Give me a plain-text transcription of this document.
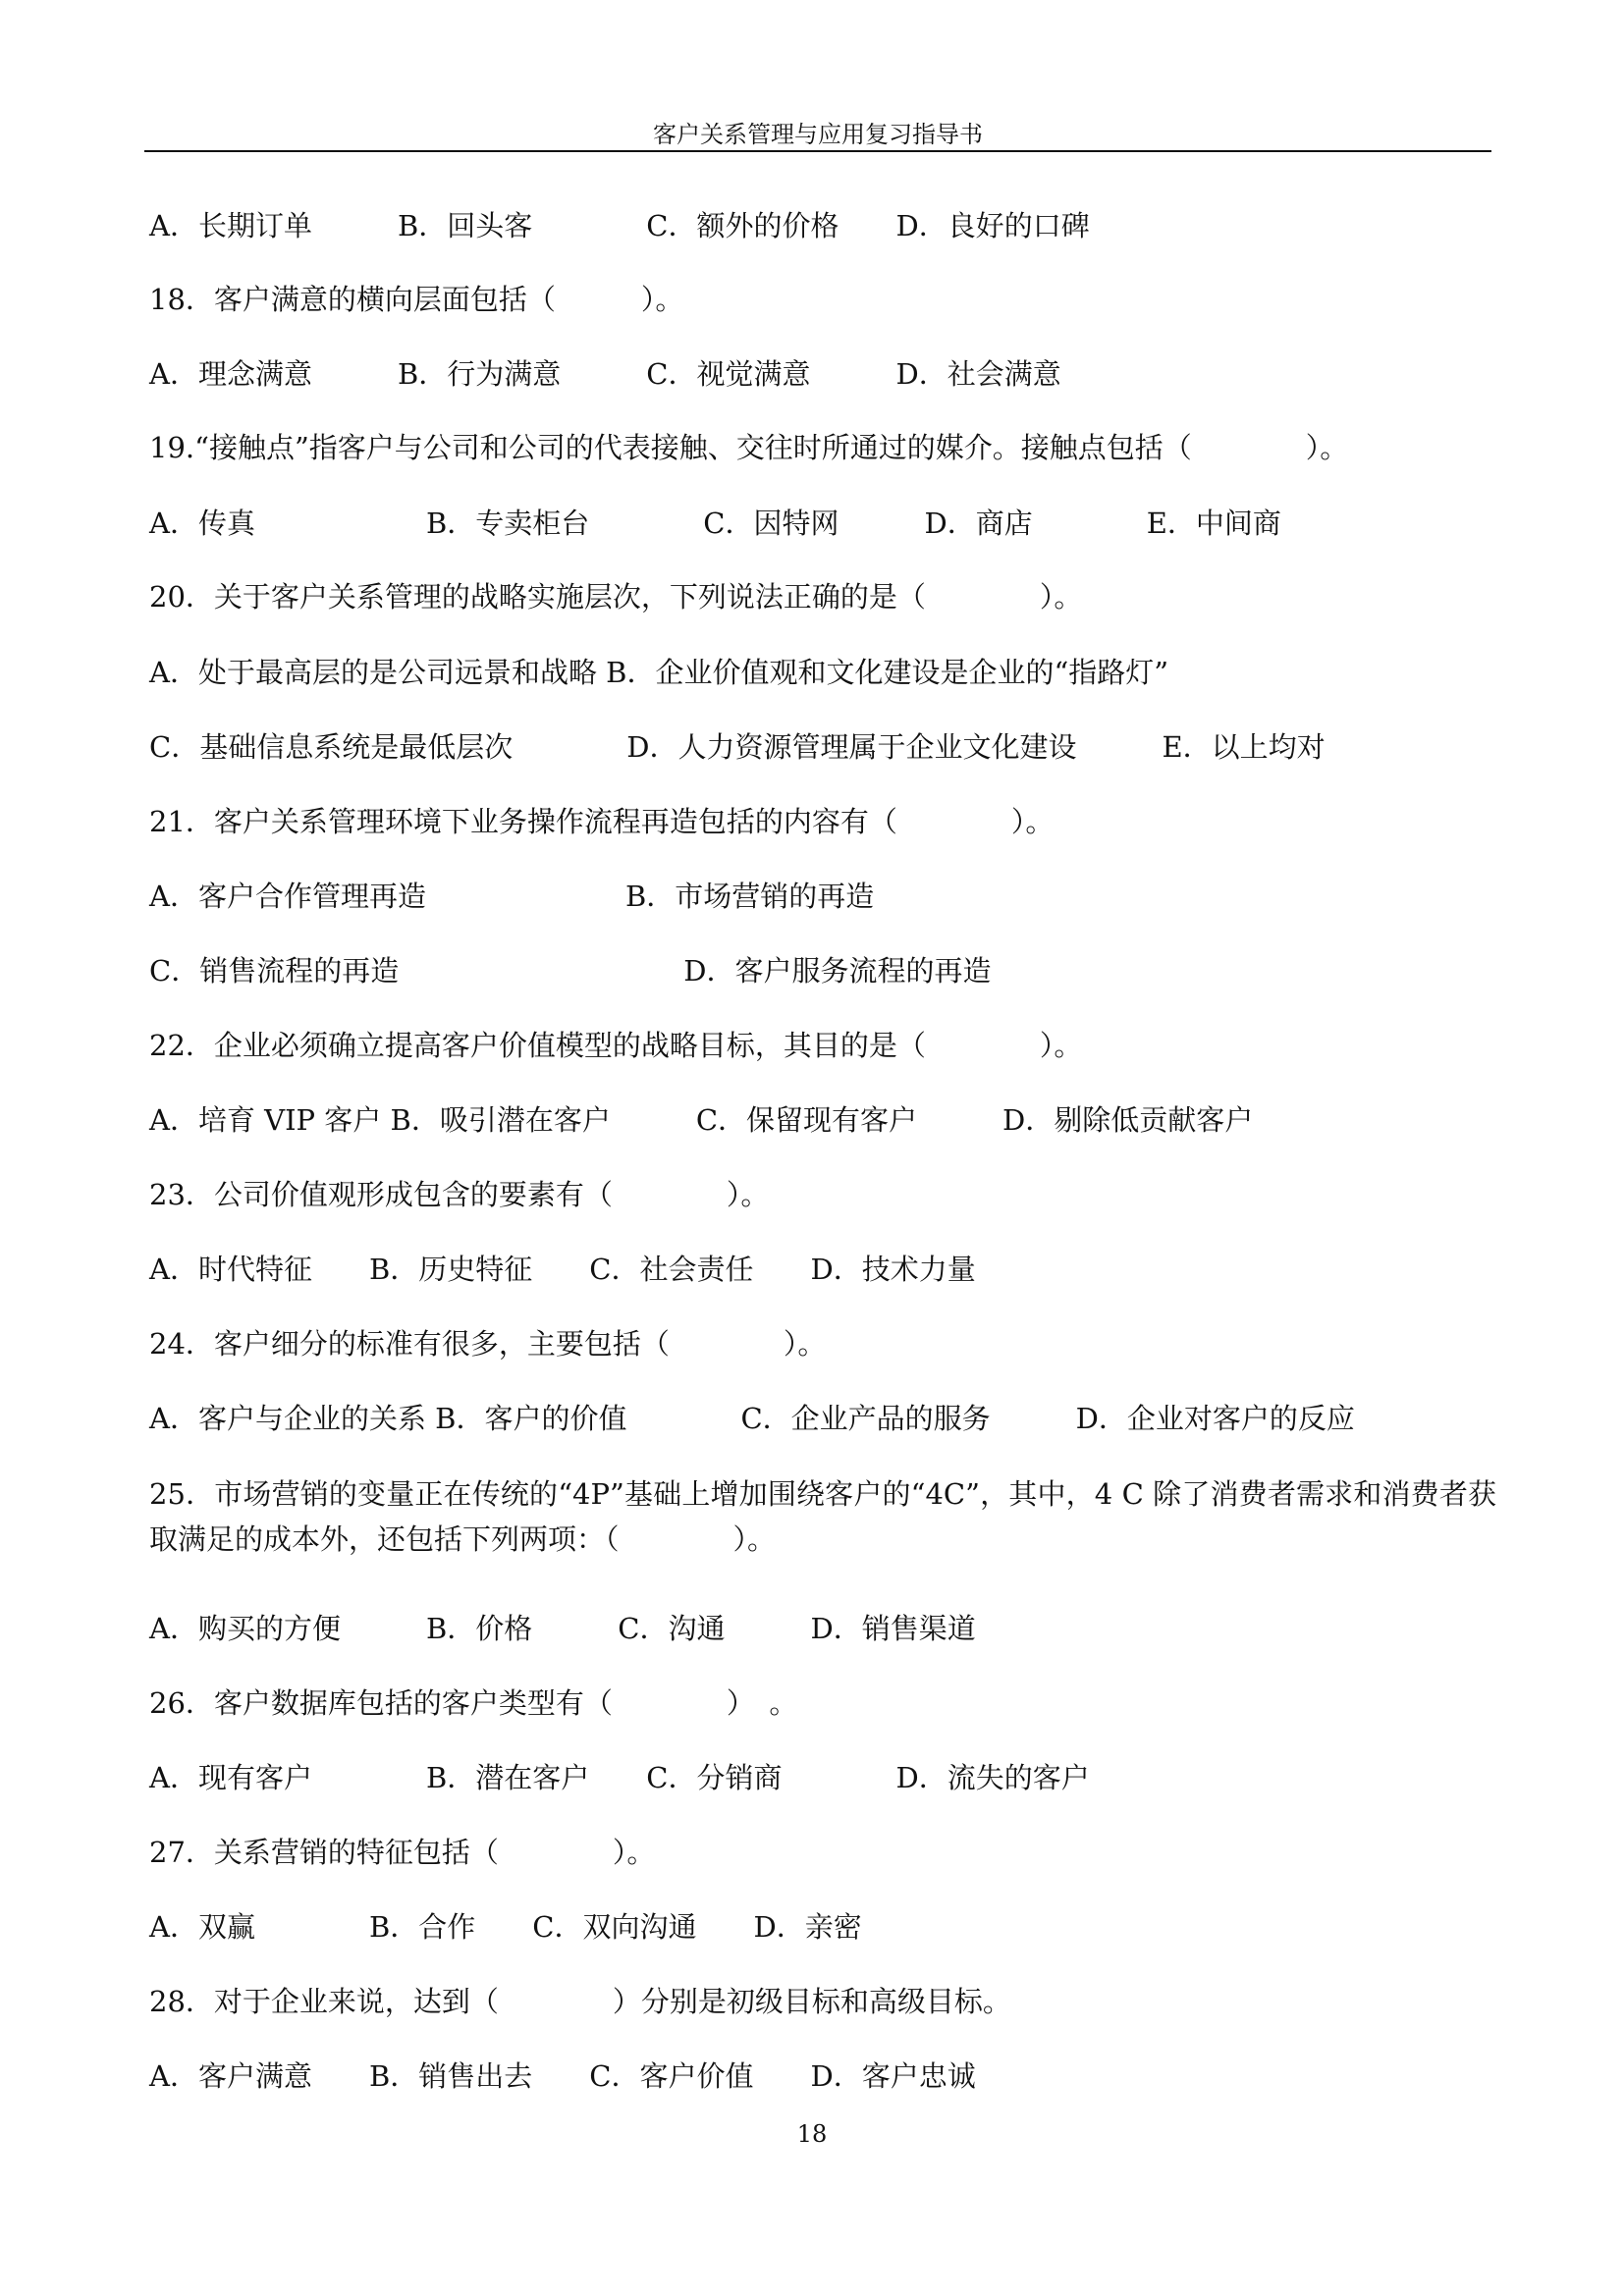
客户关系管理与应用复习指导书
A．长期订单　　　B．回头客　　　　C．额外的价格　　D．良好的口碑
18．客户满意的横向层面包括（　　　）。
A．理念满意　　　B．行为满意　　　C．视觉满意　　　D．社会满意
19.“接触点”指客户与公司和公司的代表接触、交往时所通过的媒介。接触点包括（　　　　）。
A．传真　　　　　　B．专卖柜台　　　　C．因特网　　　D．商店　　　　E．中间商
20．关于客户关系管理的战略实施层次，下列说法正确的是（　　　　）。
A．处于最高层的是公司远景和战略 B．企业价值观和文化建设是企业的“指路灯”
C．基础信息系统是最低层次　　　　D．人力资源管理属于企业文化建设　　　E．以上均对
21．客户关系管理环境下业务操作流程再造包括的内容有（　　　　）。
A．客户合作管理再造　　　　　　　B．市场营销的再造
C．销售流程的再造　　　　　　　　　　D．客户服务流程的再造
22．企业必须确立提高客户价值模型的战略目标，其目的是（　　　　）。
A．培育 VIP 客户 B．吸引潜在客户　　　C．保留现有客户　　　D．剔除低贡献客户
23．公司价值观形成包含的要素有（　　　　）。
A．时代特征　　B．历史特征　　C．社会责任　　D．技术力量
24．客户细分的标准有很多，主要包括（　　　　）。
A．客户与企业的关系 B．客户的价值　　　　C．企业产品的服务　　　D．企业对客户的反应
25．市场营销的变量正在传统的“4P”基础上增加围绕客户的“4C”，其中，4 C 除了消费者需求和消费者获取满足的成本外，还包括下列两项：（　　　　）。
A．购买的方便　　　B．价格　　　C．沟通　　　D．销售渠道
26．客户数据库包括的客户类型有（　　　　）　。
A．现有客户　　　　B．潜在客户　　C．分销商　　　　D．流失的客户
27．关系营销的特征包括（　　　　）。
A．双赢　　　　B．合作　　C．双向沟通　　D．亲密
28．对于企业来说，达到（　　　　）分别是初级目标和高级目标。
A．客户满意　　B．销售出去　　C．客户价值　　D．客户忠诚
18
